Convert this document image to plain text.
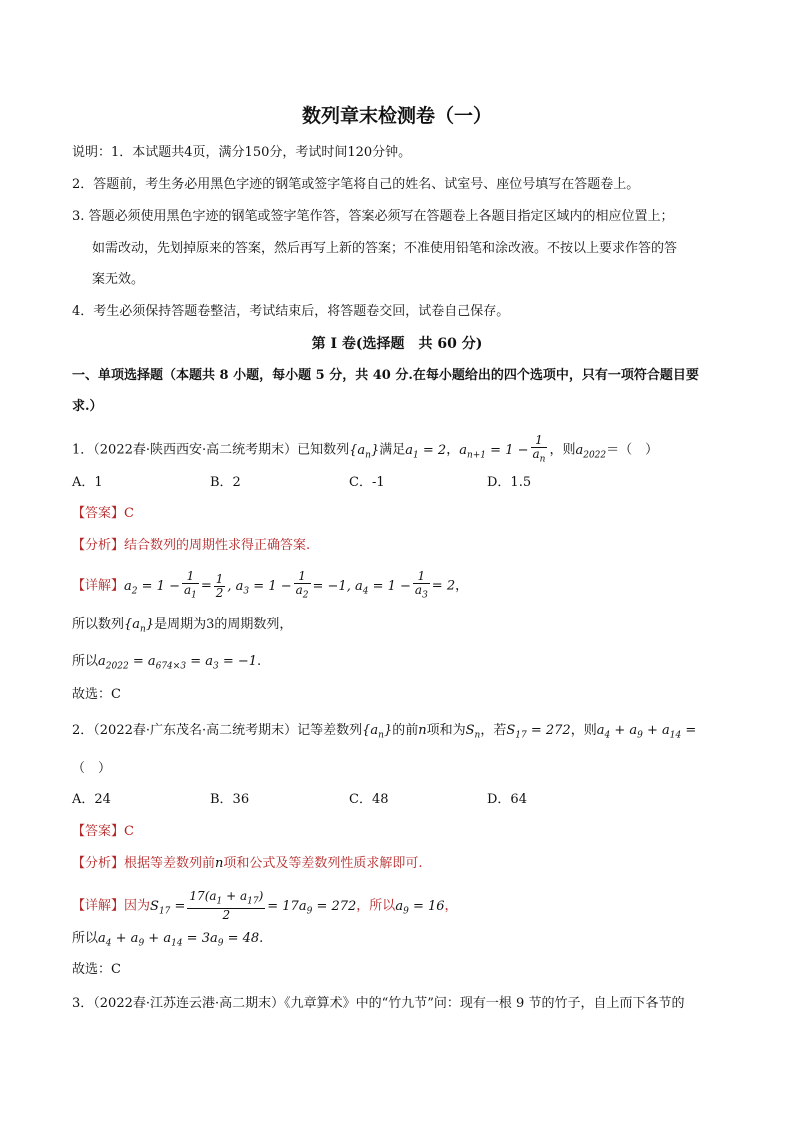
数列章末检测卷（一）
说明：1．本试题共4页，满分150分，考试时间120分钟。
2．答题前，考生务必用黑色字迹的钢笔或签字笔将自己的姓名、试室号、座位号填写在答题卷上。
3. 答题必须使用黑色字迹的钢笔或签字笔作答，答案必须写在答题卷上各题目指定区域内的相应位置上；
如需改动，先划掉原来的答案，然后再写上新的答案；不准使用铅笔和涂改液。不按以上要求作答的答
案无效。
4．考生必须保持答题卷整洁，考试结束后，将答题卷交回，试卷自己保存。
第 I 卷(选择题　共 60 分)
一、单项选择题（本题共 8 小题，每小题 5 分，共 40 分.在每小题给出的四个选项中，只有一项符合题目要
求.）
1．（2022春·陕西西安·高二统考期末）已知数列$\{a_n\}$满足$a_1 = 2$，$a_{n+1} = 1 - \frac{1}{a_n}$ ，则$a_{2022}=$（　）
A．1	B．2	C．-1	D．1.5
【答案】C
【分析】结合数列的周期性求得正确答案.
【详解】$a_2 = 1 - \frac{1}{a_1} = \frac{1}{2}$ , $a_3 = 1 - \frac{1}{a_2} = -1$, $a_4 = 1 - \frac{1}{a_3} = 2$，
所以数列$\{a_n\}$是周期为3的周期数列，
所以$a_{2022} = a_{674\times 3} = a_3 = -1$.
故选：C
2．（2022春·广东茂名·高二统考期末）记等差数列$\{a_n\}$的前n项和为$S_n$，若$S_{17} = 272$，则$a_4 + a_9 + a_{14}$ =
（　）
A．24	B．36	C．48	D．64
【答案】C
【分析】根据等差数列前n项和公式及等差数列性质求解即可.
【详解】因为$S_{17} = \frac{17(a_1 + a_{17})}{2} = 17a_9 = 272$，所以$a_9 = 16$，
所以$a_4 + a_9 + a_{14} = 3a_9 = 48$.
故选：C
3．（2022春·江苏连云港·高二期末）《九章算术》中的“竹九节”问：现有一根 9 节的竹子，自上而下各节的
